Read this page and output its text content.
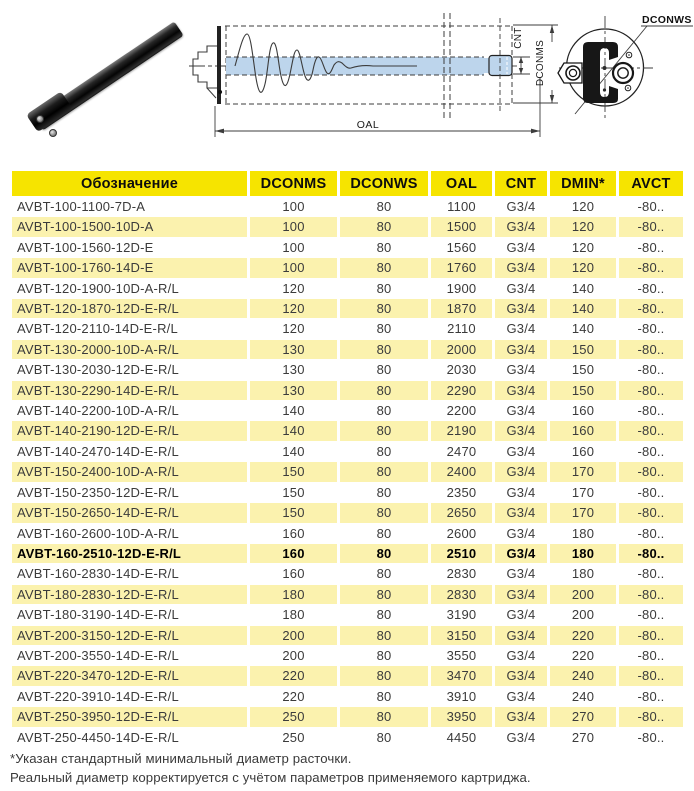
CNT
DCONMS
OAL
DCONWS
Обозначение	DCONMS	DCONWS	OAL	CNT	DMIN*	AVCT
AVBT-100-1100-7D-A	100	80	1100	G3/4	120	-80..
AVBT-100-1500-10D-A	100	80	1500	G3/4	120	-80..
AVBT-100-1560-12D-E	100	80	1560	G3/4	120	-80..
AVBT-100-1760-14D-E	100	80	1760	G3/4	120	-80..
AVBT-120-1900-10D-A-R/L	120	80	1900	G3/4	140	-80..
AVBT-120-1870-12D-E-R/L	120	80	1870	G3/4	140	-80..
AVBT-120-2110-14D-E-R/L	120	80	2110	G3/4	140	-80..
AVBT-130-2000-10D-A-R/L	130	80	2000	G3/4	150	-80..
AVBT-130-2030-12D-E-R/L	130	80	2030	G3/4	150	-80..
AVBT-130-2290-14D-E-R/L	130	80	2290	G3/4	150	-80..
AVBT-140-2200-10D-A-R/L	140	80	2200	G3/4	160	-80..
AVBT-140-2190-12D-E-R/L	140	80	2190	G3/4	160	-80..
AVBT-140-2470-14D-E-R/L	140	80	2470	G3/4	160	-80..
AVBT-150-2400-10D-A-R/L	150	80	2400	G3/4	170	-80..
AVBT-150-2350-12D-E-R/L	150	80	2350	G3/4	170	-80..
AVBT-150-2650-14D-E-R/L	150	80	2650	G3/4	170	-80..
AVBT-160-2600-10D-A-R/L	160	80	2600	G3/4	180	-80..
AVBT-160-2510-12D-E-R/L	160	80	2510	G3/4	180	-80..
AVBT-160-2830-14D-E-R/L	160	80	2830	G3/4	180	-80..
AVBT-180-2830-12D-E-R/L	180	80	2830	G3/4	200	-80..
AVBT-180-3190-14D-E-R/L	180	80	3190	G3/4	200	-80..
AVBT-200-3150-12D-E-R/L	200	80	3150	G3/4	220	-80..
AVBT-200-3550-14D-E-R/L	200	80	3550	G3/4	220	-80..
AVBT-220-3470-12D-E-R/L	220	80	3470	G3/4	240	-80..
AVBT-220-3910-14D-E-R/L	220	80	3910	G3/4	240	-80..
AVBT-250-3950-12D-E-R/L	250	80	3950	G3/4	270	-80..
AVBT-250-4450-14D-E-R/L	250	80	4450	G3/4	270	-80..
*Указан стандартный минимальный диаметр расточки.
Реальный диаметр корректируется с учётом параметров применяемого картриджа.
